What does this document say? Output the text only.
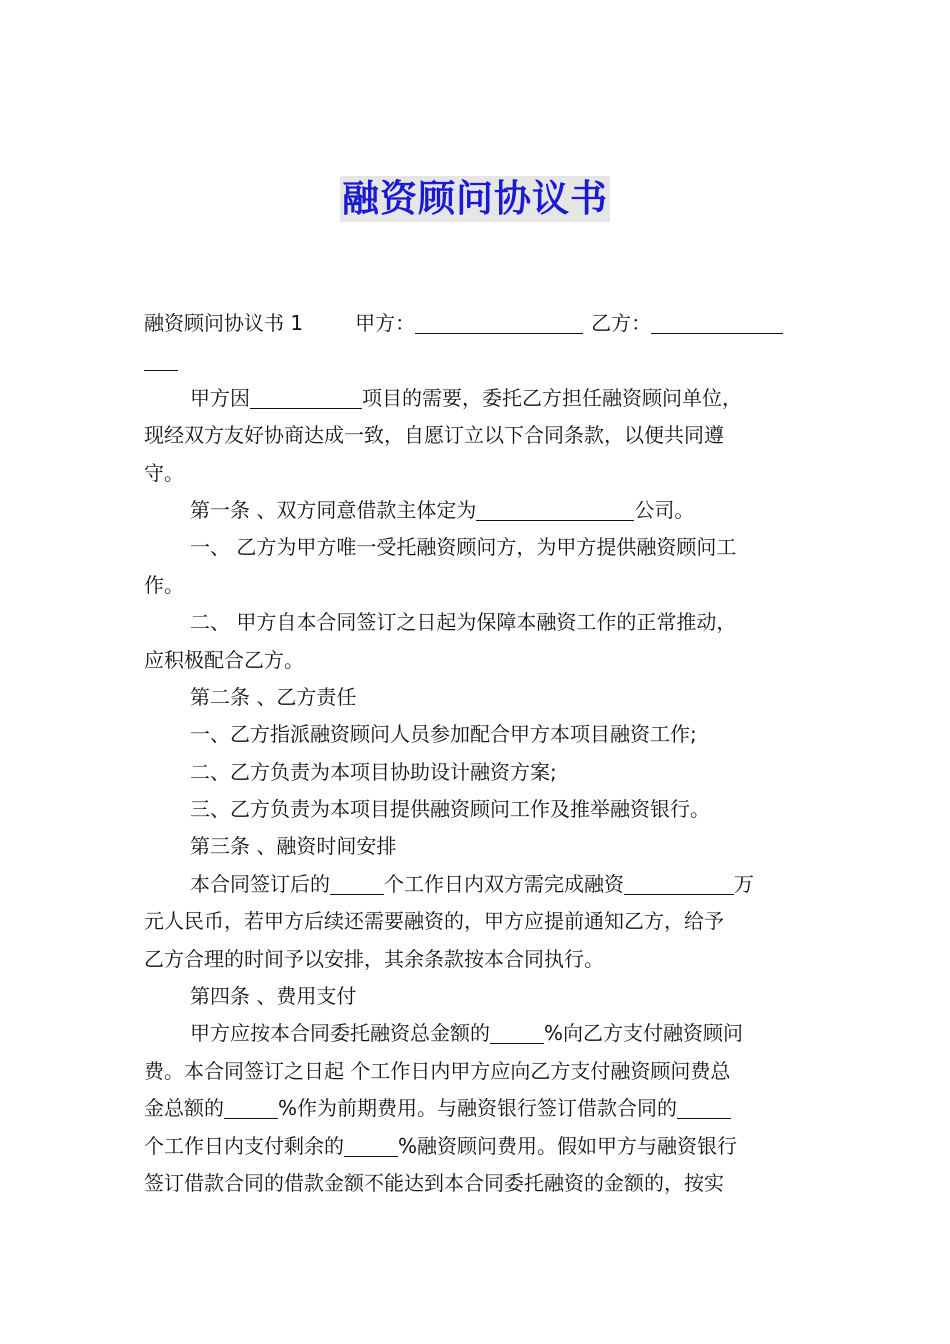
融资顾问协议书
融资顾问协议书 1	甲方：	乙方：
甲方因	项目的需要，委托乙方担任融资顾问单位，
现经双方友好协商达成一致，自愿订立以下合同条款，以便共同遵
守。
第一条 、双方同意借款主体定为	公司。
一、 乙方为甲方唯一受托融资顾问方，为甲方提供融资顾问工
作。
二、 甲方自本合同签订之日起为保障本融资工作的正常推动，
应积极配合乙方。
第二条 、乙方责任
一、乙方指派融资顾问人员参加配合甲方本项目融资工作;
二、乙方负责为本项目协助设计融资方案;
三、乙方负责为本项目提供融资顾问工作及推举融资银行。
第三条 、融资时间安排
本合同签订后的	个工作日内双方需完成融资	万
元人民币，若甲方后续还需要融资的，甲方应提前通知乙方，给予
乙方合理的时间予以安排，其余条款按本合同执行。
第四条 、费用支付
甲方应按本合同委托融资总金额的	%向乙方支付融资顾问
费。本合同签订之日起 个工作日内甲方应向乙方支付融资顾问费总
金总额的	%作为前期费用。与融资银行签订借款合同的
个工作日内支付剩余的	%融资顾问费用。假如甲方与融资银行
签订借款合同的借款金额不能达到本合同委托融资的金额的，按实
